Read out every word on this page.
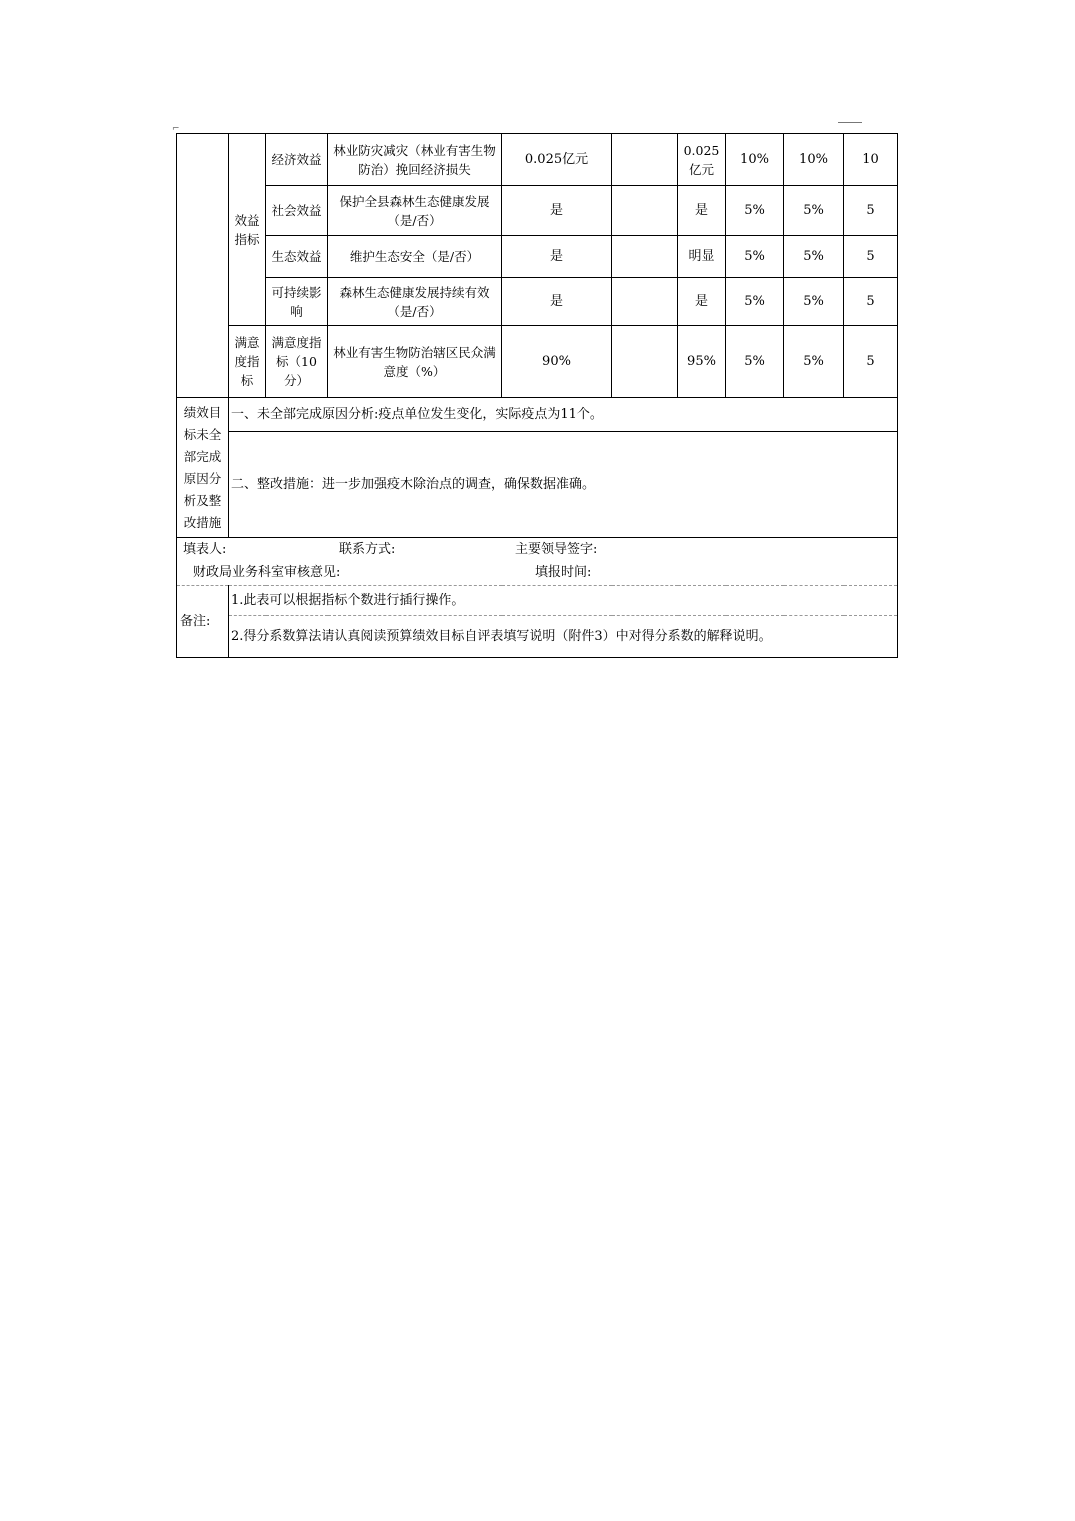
⌐
	效益指标	经济效益	林业防灾减灾（林业有害生物防治）挽回经济损失	0.025亿元		0.025亿元	10%	10%	10
		社会效益	保护全县森林生态健康发展（是/否）	是		是	5%	5%	5
		生态效益	维护生态安全（是/否）	是		明显	5%	5%	5
		可持续影响	森林生态健康发展持续有效（是/否）	是		是	5%	5%	5
	满意度指标	满意度指标（10分）	林业有害生物防治辖区民众满意度（%）	90%		95%	5%	5%	5
绩效目标未全部完成原因分析及整改措施	一、未全部完成原因分析:疫点单位发生变化，实际疫点为11个。								
	二、整改措施：进一步加强疫木除治点的调查，确保数据准确。								
填表人: 联系方式: 主要领导签字:									
财政局业务科室审核意见: 填报时间:									
备注:	1.此表可以根据指标个数进行插行操作。								
	2.得分系数算法请认真阅读预算绩效目标自评表填写说明（附件3）中对得分系数的解释说明。								
